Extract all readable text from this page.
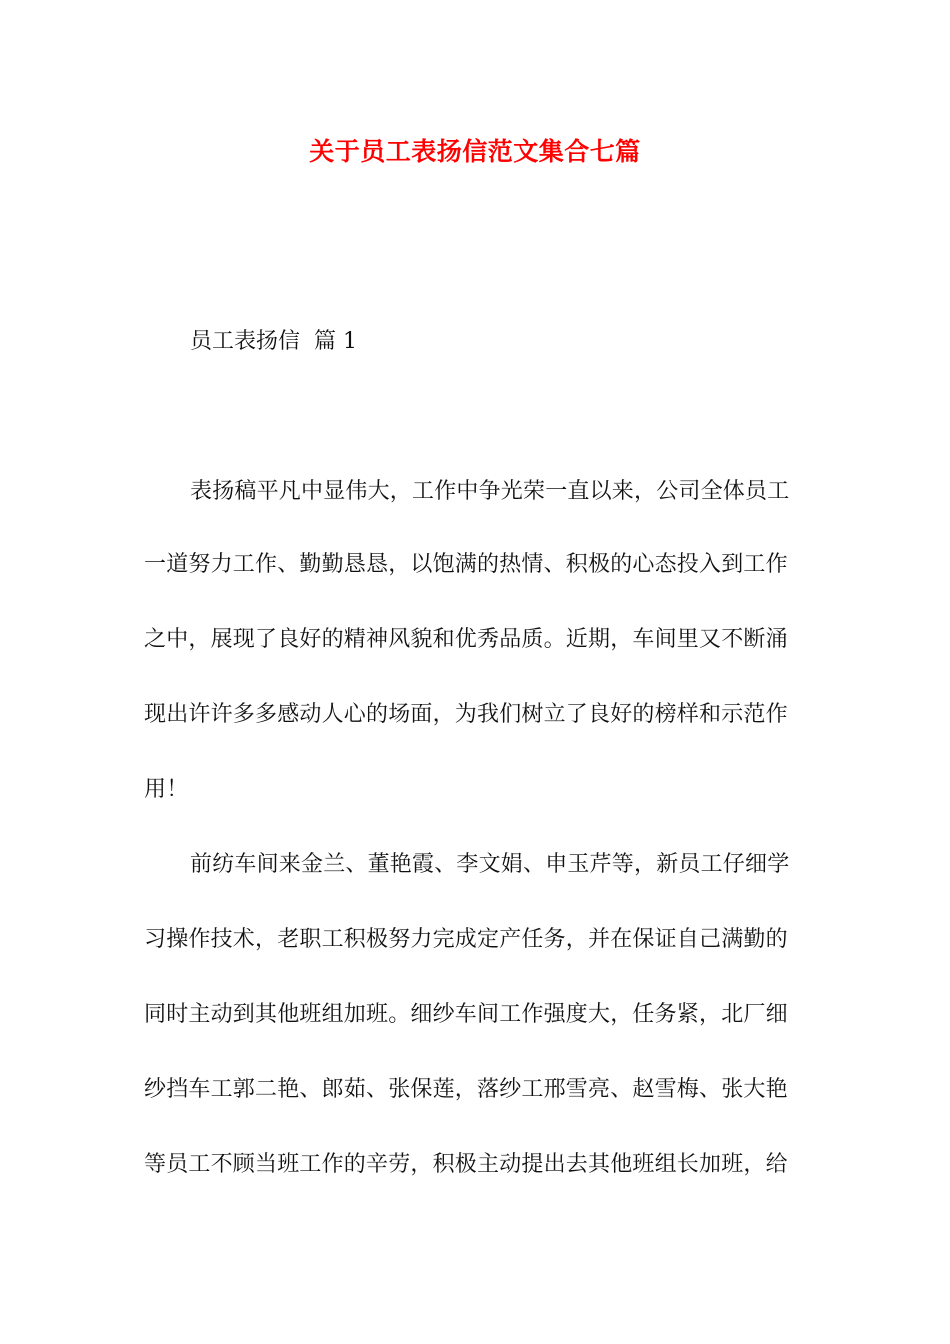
关于员工表扬信范文集合七篇
员工表扬信  篇 1

表扬稿平凡中显伟大，工作中争光荣一直以来，公司全体员工

一道努力工作、勤勤恳恳，以饱满的热情、积极的心态投入到工作

之中，展现了良好的精神风貌和优秀品质。近期，车间里又不断涌

现出许许多多感动人心的场面，为我们树立了良好的榜样和示范作

用！

前纺车间来金兰、董艳霞、李文娟、申玉芹等，新员工仔细学

习操作技术，老职工积极努力完成定产任务，并在保证自己满勤的

同时主动到其他班组加班。细纱车间工作强度大，任务紧，北厂细

纱挡车工郭二艳、郎茹、张保莲，落纱工邢雪亮、赵雪梅、张大艳

等员工不顾当班工作的辛劳，积极主动提出去其他班组长加班，给
